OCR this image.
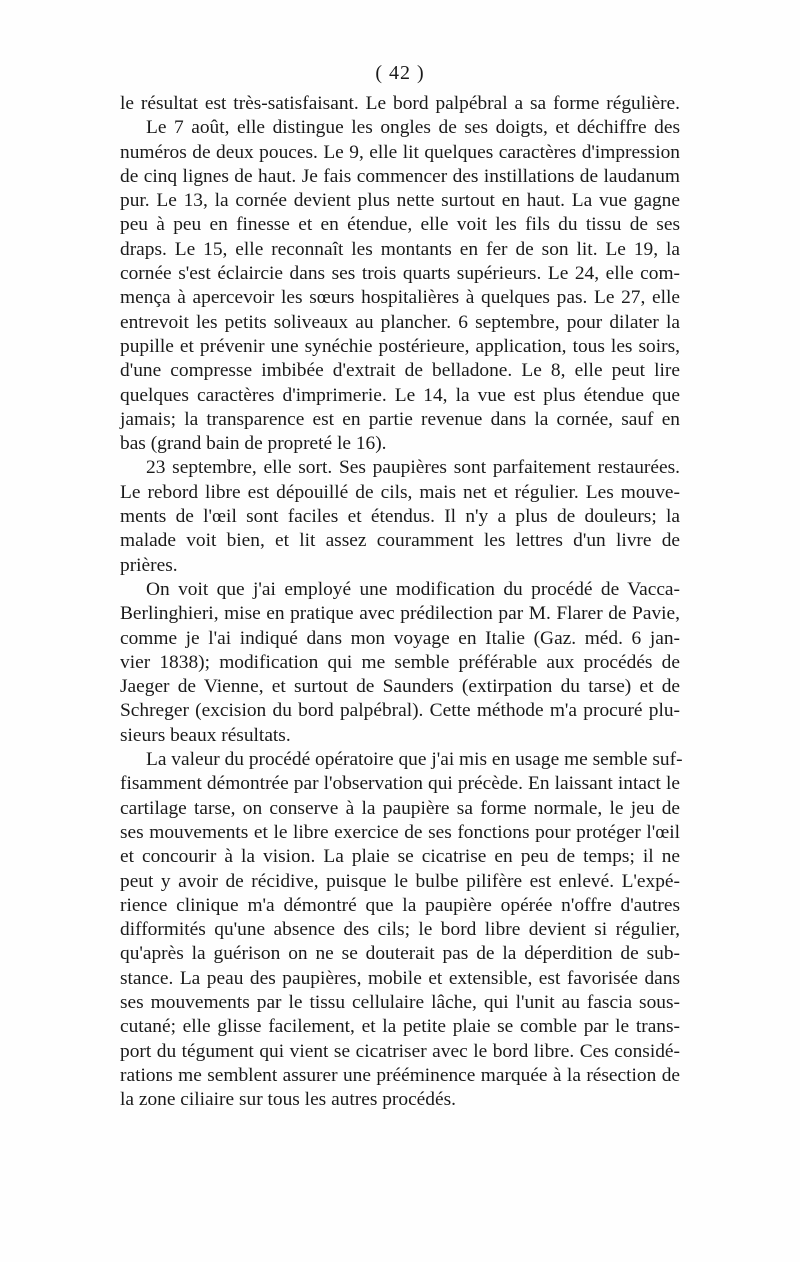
( 42 )
le résultat est très-satisfaisant. Le bord palpébral a sa forme régulière.
Le 7 août, elle distingue les ongles de ses doigts, et déchiffre des
numéros de deux pouces. Le 9, elle lit quelques caractères d'impression
de cinq lignes de haut. Je fais commencer des instillations de laudanum
pur. Le 13, la cornée devient plus nette surtout en haut. La vue gagne
peu à peu en finesse et en étendue, elle voit les fils du tissu de ses
draps. Le 15, elle reconnaît les montants en fer de son lit. Le 19, la
cornée s'est éclaircie dans ses trois quarts supérieurs. Le 24, elle com-
mença à apercevoir les sœurs hospitalières à quelques pas. Le 27, elle
entrevoit les petits soliveaux au plancher. 6 septembre, pour dilater la
pupille et prévenir une synéchie postérieure, application, tous les soirs,
d'une compresse imbibée d'extrait de belladone. Le 8, elle peut lire
quelques caractères d'imprimerie. Le 14, la vue est plus étendue que
jamais; la transparence est en partie revenue dans la cornée, sauf en
bas (grand bain de propreté le 16).
23 septembre, elle sort. Ses paupières sont parfaitement restaurées.
Le rebord libre est dépouillé de cils, mais net et régulier. Les mouve-
ments de l'œil sont faciles et étendus. Il n'y a plus de douleurs; la
malade voit bien, et lit assez couramment les lettres d'un livre de
prières.
On voit que j'ai employé une modification du procédé de Vacca-
Berlinghieri, mise en pratique avec prédilection par M. Flarer de Pavie,
comme je l'ai indiqué dans mon voyage en Italie (Gaz. méd. 6 jan-
vier 1838); modification qui me semble préférable aux procédés de
Jaeger de Vienne, et surtout de Saunders (extirpation du tarse) et de
Schreger (excision du bord palpébral). Cette méthode m'a procuré plu-
sieurs beaux résultats.
La valeur du procédé opératoire que j'ai mis en usage me semble suf-
fisamment démontrée par l'observation qui précède. En laissant intact le
cartilage tarse, on conserve à la paupière sa forme normale, le jeu de
ses mouvements et le libre exercice de ses fonctions pour protéger l'œil
et concourir à la vision. La plaie se cicatrise en peu de temps; il ne
peut y avoir de récidive, puisque le bulbe pilifère est enlevé. L'expé-
rience clinique m'a démontré que la paupière opérée n'offre d'autres
difformités qu'une absence des cils; le bord libre devient si régulier,
qu'après la guérison on ne se douterait pas de la déperdition de sub-
stance. La peau des paupières, mobile et extensible, est favorisée dans
ses mouvements par le tissu cellulaire lâche, qui l'unit au fascia sous-
cutané; elle glisse facilement, et la petite plaie se comble par le trans-
port du tégument qui vient se cicatriser avec le bord libre. Ces considé-
rations me semblent assurer une prééminence marquée à la résection de
la zone ciliaire sur tous les autres procédés.
